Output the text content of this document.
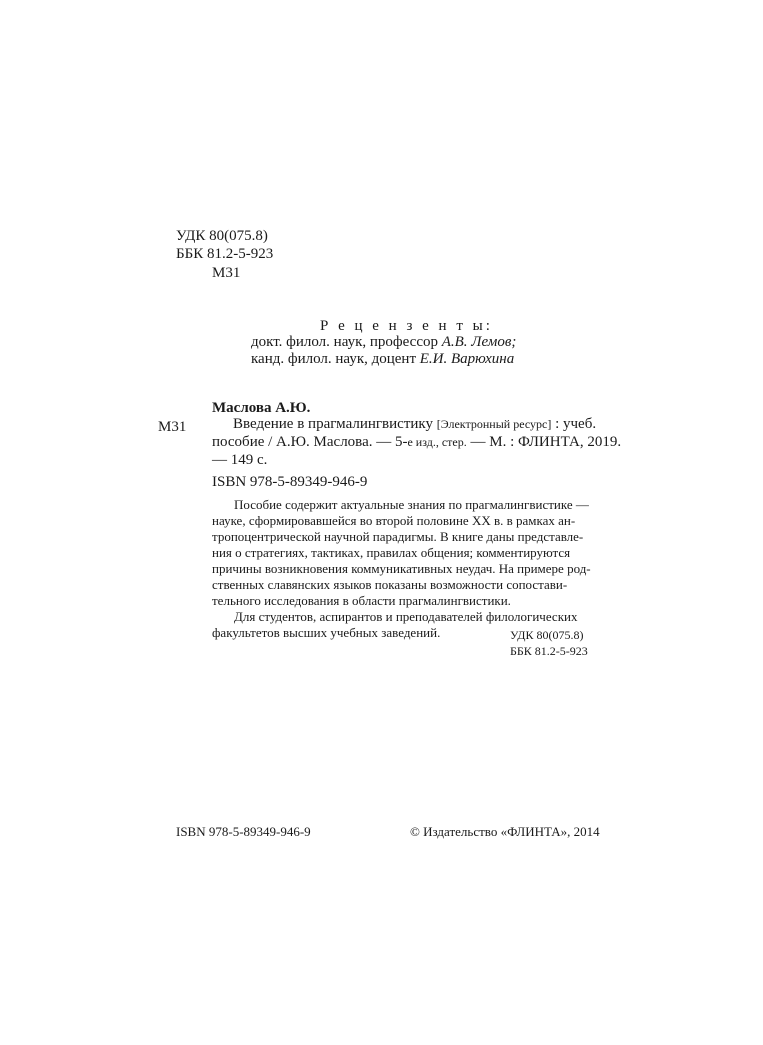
УДК 80(075.8)
ББК 81.2-5-923
М31
Р е ц е н з е н т ы:
докт. филол. наук, профессор А.В. Лемов;
канд. филол. наук, доцент Е.И. Варюхина
Маслова А.Ю.
М31	Введение в прагмалингвистику [Электронный ресурс] : учеб.
пособие / А.Ю. Маслова. — 5-е изд., стер. — М. : ФЛИНТА, 2019.
— 149 с.
ISBN 978-5-89349-946-9
Пособие содержит актуальные знания по прагмалингвистике —
науке, сформировавшейся во второй половине XX в. в рамках ан-
тропоцентрической научной парадигмы. В книге даны представле-
ния о стратегиях, тактиках, правилах общения; комментируются
причины возникновения коммуникативных неудач. На примере род-
ственных славянских языков показаны возможности сопостави-
тельного исследования в области прагмалингвистики.
Для студентов, аспирантов и преподавателей филологических
факультетов высших учебных заведений.	УДК 80(075.8)
ББК 81.2-5-923
ISBN 978-5-89349-946-9	© Издательство «ФЛИНТА», 2014
